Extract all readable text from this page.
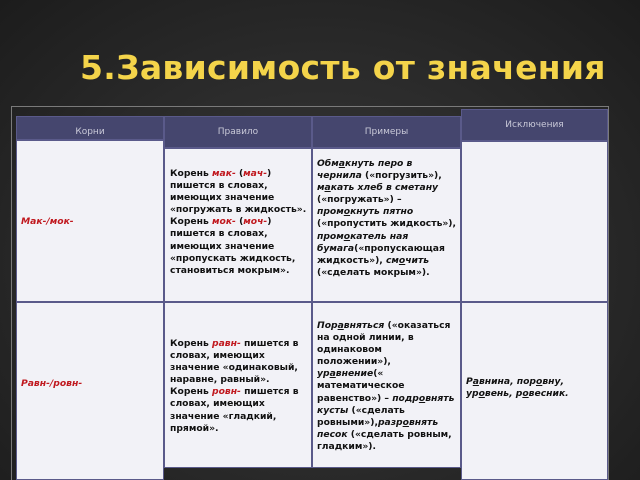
5.Зависимость от значения
Корни	Правило	Примеры
Исключения
Мак-/мок-
Корень мак- (мач-) пишется в словах, имеющих значение «погружать в жидкость». Корень мок- (моч-) пишется в словах, имеющих значение «пропускать жидкость, становиться мокрым».
Обмакнуть перо в чернила («погрузить»), макать хлеб в сметану («погружать») – промокнуть пятно («пропустить жидкость»), промокатель ная бумага(«пропускающая жидкость»), смочить («сделать мокрым»).
Равн-/ровн-
Корень равн- пишется в словах, имеющих значение «одинаковый, наравне, равный». Корень ровн- пишется в словах, имеющих значение «гладкий, прямой».
Поравняться («оказаться на одной линии, в одинаковом положении»), уравнение(« математическое равенство») – подровнять кусты («сделать ровными»),разровнять песок («сделать ровным, гладким»).
Равнина, поровну, уровень, ровесник.
